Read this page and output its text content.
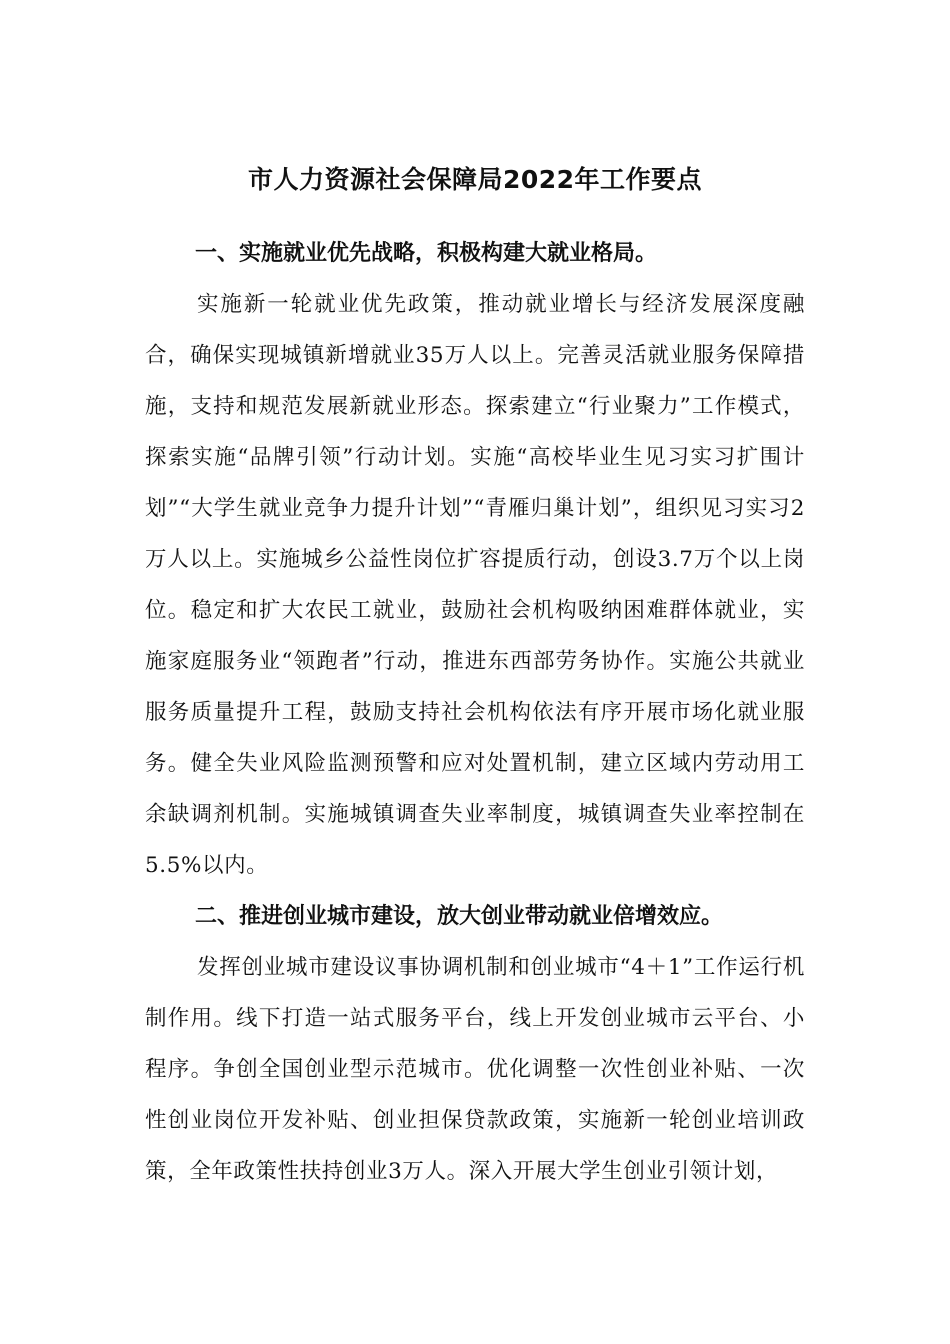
市人力资源社会保障局2022年工作要点

一、实施就业优先战略，积极构建大就业格局。

实施新一轮就业优先政策，推动就业增长与经济发展深度融合，确保实现城镇新增就业35万人以上。完善灵活就业服务保障措施，支持和规范发展新就业形态。探索建立“行业聚力”工作模式，探索实施“品牌引领”行动计划。实施“高校毕业生见习实习扩围计划”“大学生就业竞争力提升计划”“青雁归巢计划”，组织见习实习2万人以上。实施城乡公益性岗位扩容提质行动，创设3.7万个以上岗位。稳定和扩大农民工就业，鼓励社会机构吸纳困难群体就业，实施家庭服务业“领跑者”行动，推进东西部劳务协作。实施公共就业服务质量提升工程，鼓励支持社会机构依法有序开展市场化就业服务。健全失业风险监测预警和应对处置机制，建立区域内劳动用工余缺调剂机制。实施城镇调查失业率制度，城镇调查失业率控制在5.5%以内。

二、推进创业城市建设，放大创业带动就业倍增效应。

发挥创业城市建设议事协调机制和创业城市“4＋1”工作运行机制作用。线下打造一站式服务平台，线上开发创业城市云平台、小程序。争创全国创业型示范城市。优化调整一次性创业补贴、一次性创业岗位开发补贴、创业担保贷款政策，实施新一轮创业培训政策，全年政策性扶持创业3万人。深入开展大学生创业引领计划，
